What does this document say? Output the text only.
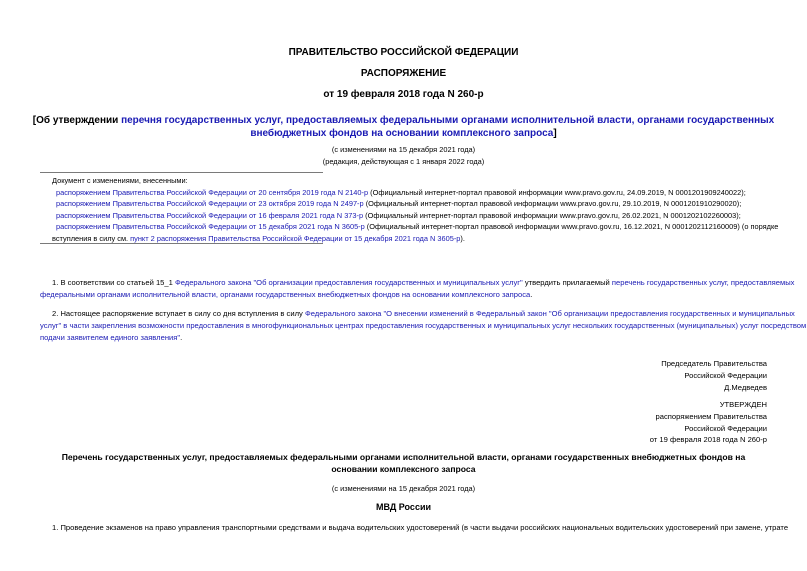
ПРАВИТЕЛЬСТВО РОССИЙСКОЙ ФЕДЕРАЦИИ
РАСПОРЯЖЕНИЕ
от 19 февраля 2018 года N 260-р
[Об утверждении перечня государственных услуг, предоставляемых федеральными органами исполнительной власти, органами государственных внебюджетных фондов на основании комплексного запроса]
(с изменениями на 15 декабря 2021 года)
(редакция, действующая с 1 января 2022 года)
Документ с изменениями, внесенными:
распоряжением Правительства Российской Федерации от 20 сентября 2019 года N 2140-р (Официальный интернет-портал правовой информации www.pravo.gov.ru, 24.09.2019, N 0001201909240022);
распоряжением Правительства Российской Федерации от 23 октября 2019 года N 2497-р (Официальный интернет-портал правовой информации www.pravo.gov.ru, 29.10.2019, N 0001201910290020);
распоряжением Правительства Российской Федерации от 16 февраля 2021 года N 373-р (Официальный интернет-портал правовой информации www.pravo.gov.ru, 26.02.2021, N 0001202102260003);
распоряжением Правительства Российской Федерации от 15 декабря 2021 года N 3605-р (Официальный интернет-портал правовой информации www.pravo.gov.ru, 16.12.2021, N 0001202112160009) (о порядке
вступления в силу см. пункт 2 распоряжения Правительства Российской Федерации от 15 декабря 2021 года N 3605-р).
1. В соответствии со статьей 15_1 Федерального закона "Об организации предоставления государственных и муниципальных услуг" утвердить прилагаемый перечень государственных услуг, предоставляемых
федеральными органами исполнительной власти, органами государственных внебюджетных фондов на основании комплексного запроса.
2. Настоящее распоряжение вступает в силу со дня вступления в силу Федерального закона "О внесении изменений в Федеральный закон "Об организации предоставления государственных и муниципальных
услуг" в части закрепления возможности предоставления в многофункциональных центрах предоставления государственных и муниципальных услуг нескольких государственных (муниципальных) услуг посредством
подачи заявителем единого заявления".
Председатель Правительства
Российской Федерации
Д.Медведев
УТВЕРЖДЕН
распоряжением Правительства
Российской Федерации
от 19 февраля 2018 года N 260-р
Перечень государственных услуг, предоставляемых федеральными органами исполнительной власти, органами государственных внебюджетных фондов на
основании комплексного запроса
(с изменениями на 15 декабря 2021 года)
МВД России
1. Проведение экзаменов на право управления транспортными средствами и выдача водительских удостоверений (в части выдачи российских национальных водительских удостоверений при замене, утрате
